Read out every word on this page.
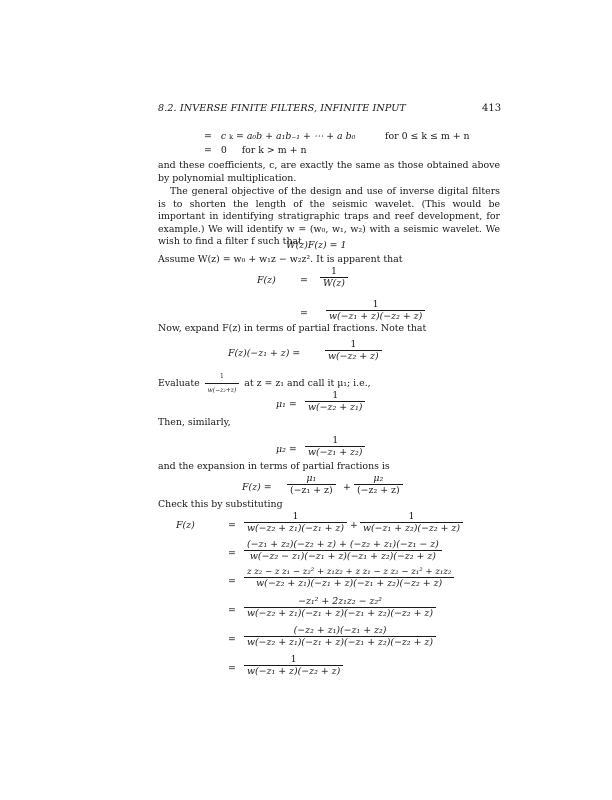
8.2. INVERSE FINITE FILTERS, INFINITE INPUT	413
= c k = a₀b + a₁b₋₁ + ⋯ + a b₀	for 0 ≤ k ≤ m + n
= 0 for k > m + n
and these coefficients, c, are exactly the same as those obtained above by polynomial multiplication.
The general objective of the design and use of inverse digital filters is to shorten the length of the seismic wavelet. (This would be important in identifying stratigraphic traps and reef development, for example.) We will identify w = (w₀, w₁, w₂) with a seismic wavelet. We wish to find a filter f such that
W(z)F(z) = 1
Assume W(z) = w₀ + w₁z − w₂z². It is apparent that
F(z)	= $\frac{1}{W(z)}$
= $\frac{1}{\text{w(−z₁ + z)(−z₂ + z)}}$
Now, expand F(z) in terms of partial fractions. Note that
F(z)(−z₁ + z) =	$\frac{1}{\text{w(−z₂ + z)}}$
Evaluate $\frac{1}{\text{w(−z₂+z)}}$ at z = z₁ and call it μ₁; i.e.,
$\mu_1 = \frac{1}{\text{w(−z₂ + z₁)}}$
Then, similarly,
$\mu_2 = \frac{1}{\text{w(−z₁ + z₂)}}$
and the expansion in terms of partial fractions is
$F(z) = \frac{\text{μ₁}}{\text{(−z₁ + z)}} + \frac{\text{μ₂}}{\text{(−z₂ + z)}}$
Check this by substituting
F(z)	= $\frac{1}{\text{w(−z₂ + z₁)(−z₁ + z)}} + \frac{1}{\text{w(−z₁ + z₂)(−z₂ + z)}}$
= $\frac{\text{(−z₁ + z₂)(−z₂ + z) + (−z₂ + z₁)(−z₁ − z)}}{\text{w(−z₂ − z₁)(−z₁ + z)(−z₁ + z₂)(−z₂ + z)}}$
= $\frac{\text{z z₂ − z z₁ − z₂² + z₁z₂ + z z₁ − z z₂ − z₁² + z₁z₂}}{\text{w(−z₂ + z₁)(−z₁ + z)(−z₁ + z₂)(−z₂ + z)}}$
= $\frac{\text{−z₁² + 2z₁z₂ − z₂²}}{\text{w(−z₂ + z₁)(−z₁ + z)(−z₁ + z₂)(−z₂ + z)}}$
= $\frac{\text{(−z₂ + z₁)(−z₁ + z₂)}}{\text{w(−z₂ + z₁)(−z₁ + z)(−z₁ + z₂)(−z₂ + z)}}$
= $\frac{1}{\text{w(−z₁ + z)(−z₂ + z)}}$
